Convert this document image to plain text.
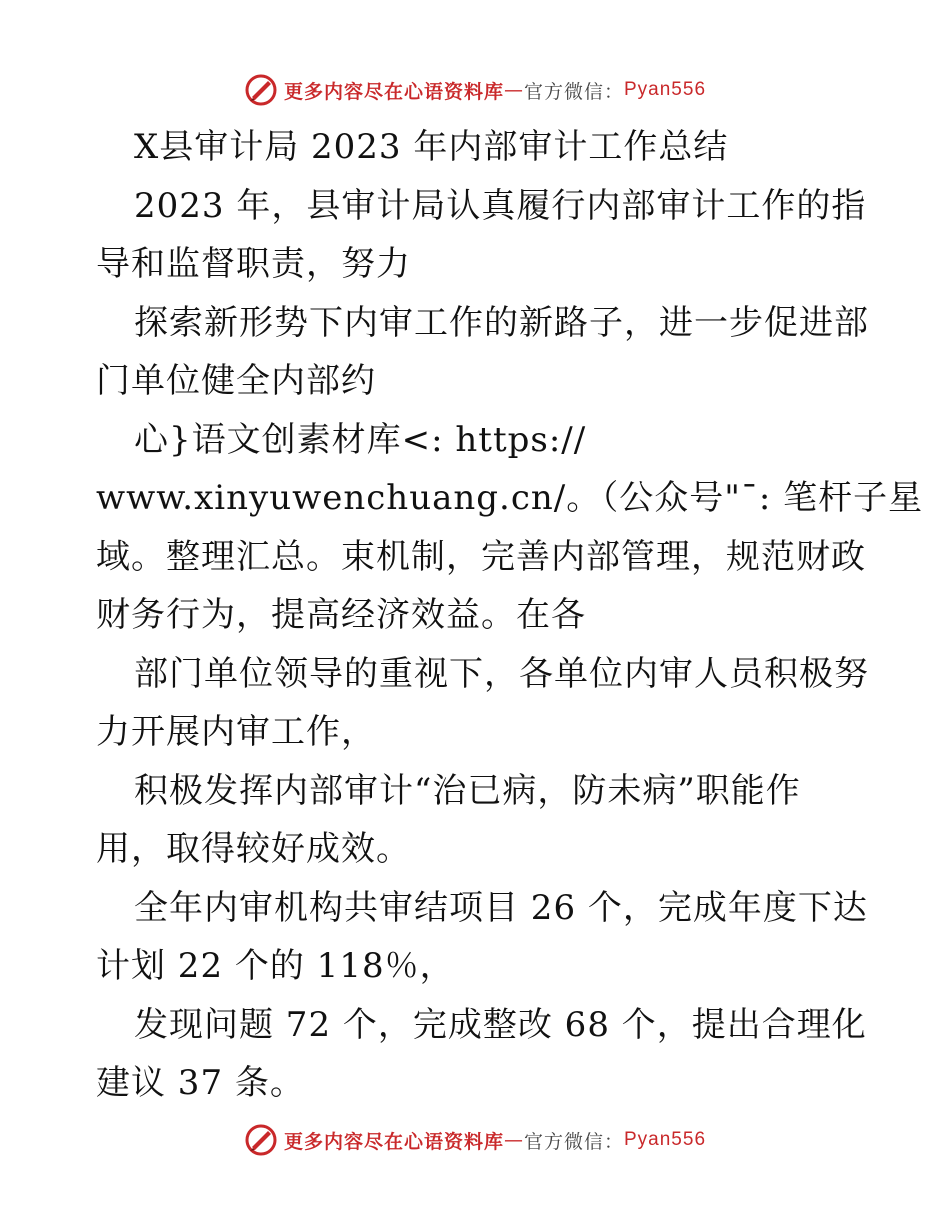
更多内容尽在心语资料库 — 官方微信： Pyan556
X县审计局 2023 年内部审计工作总结
2023 年，县审计局认真履行内部审计工作的指
导和监督职责，努力
探索新形势下内审工作的新路子，进一步促进部
门单位健全内部约
心}语文创素材库<: https://
www.xinyuwenchuang.cn/。（公众号"¯: 笔杆子星
域。整理汇总。束机制，完善内部管理，规范财政
财务行为，提高经济效益。在各
部门单位领导的重视下，各单位内审人员积极努
力开展内审工作，
积极发挥内部审计“治已病，防未病”职能作
用，取得较好成效。
全年内审机构共审结项目 26 个，完成年度下达
计划 22 个的 118％，
发现问题 72 个，完成整改 68 个，提出合理化
建议 37 条。
更多内容尽在心语资料库 — 官方微信： Pyan556
